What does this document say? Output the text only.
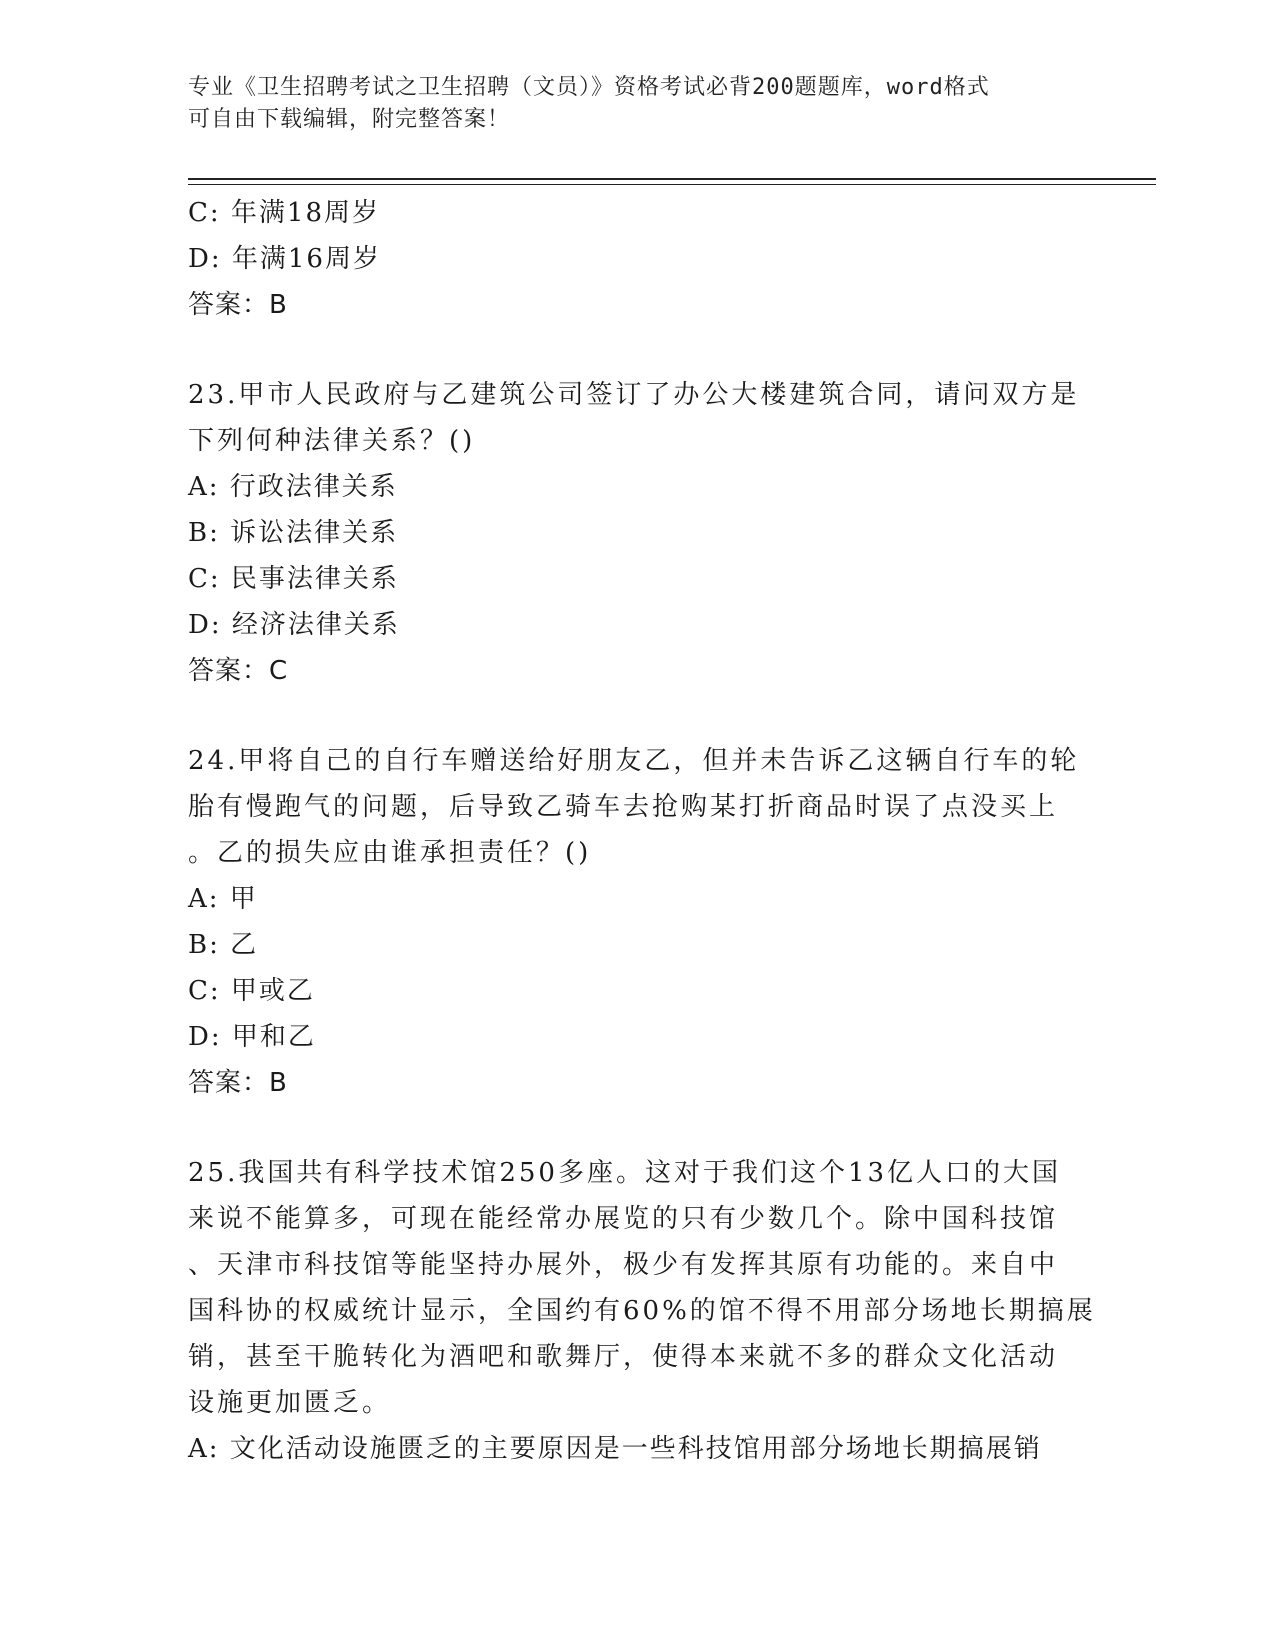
专业《卫生招聘考试之卫生招聘（文员）》资格考试必背200题题库，word格式
可自由下载编辑，附完整答案！
C: 年满18周岁
D: 年满16周岁
答案：B
23.甲市人民政府与乙建筑公司签订了办公大楼建筑合同，请问双方是
下列何种法律关系？()
A: 行政法律关系
B: 诉讼法律关系
C: 民事法律关系
D: 经济法律关系
答案：C
24.甲将自己的自行车赠送给好朋友乙，但并未告诉乙这辆自行车的轮
胎有慢跑气的问题，后导致乙骑车去抢购某打折商品时误了点没买上
。乙的损失应由谁承担责任？()
A: 甲
B: 乙
C: 甲或乙
D: 甲和乙
答案：B
25.我国共有科学技术馆250多座。这对于我们这个13亿人口的大国
来说不能算多，可现在能经常办展览的只有少数几个。除中国科技馆
、天津市科技馆等能坚持办展外，极少有发挥其原有功能的。来自中
国科协的权威统计显示，全国约有60%的馆不得不用部分场地长期搞展
销，甚至干脆转化为酒吧和歌舞厅，使得本来就不多的群众文化活动
设施更加匮乏。
A: 文化活动设施匮乏的主要原因是一些科技馆用部分场地长期搞展销
